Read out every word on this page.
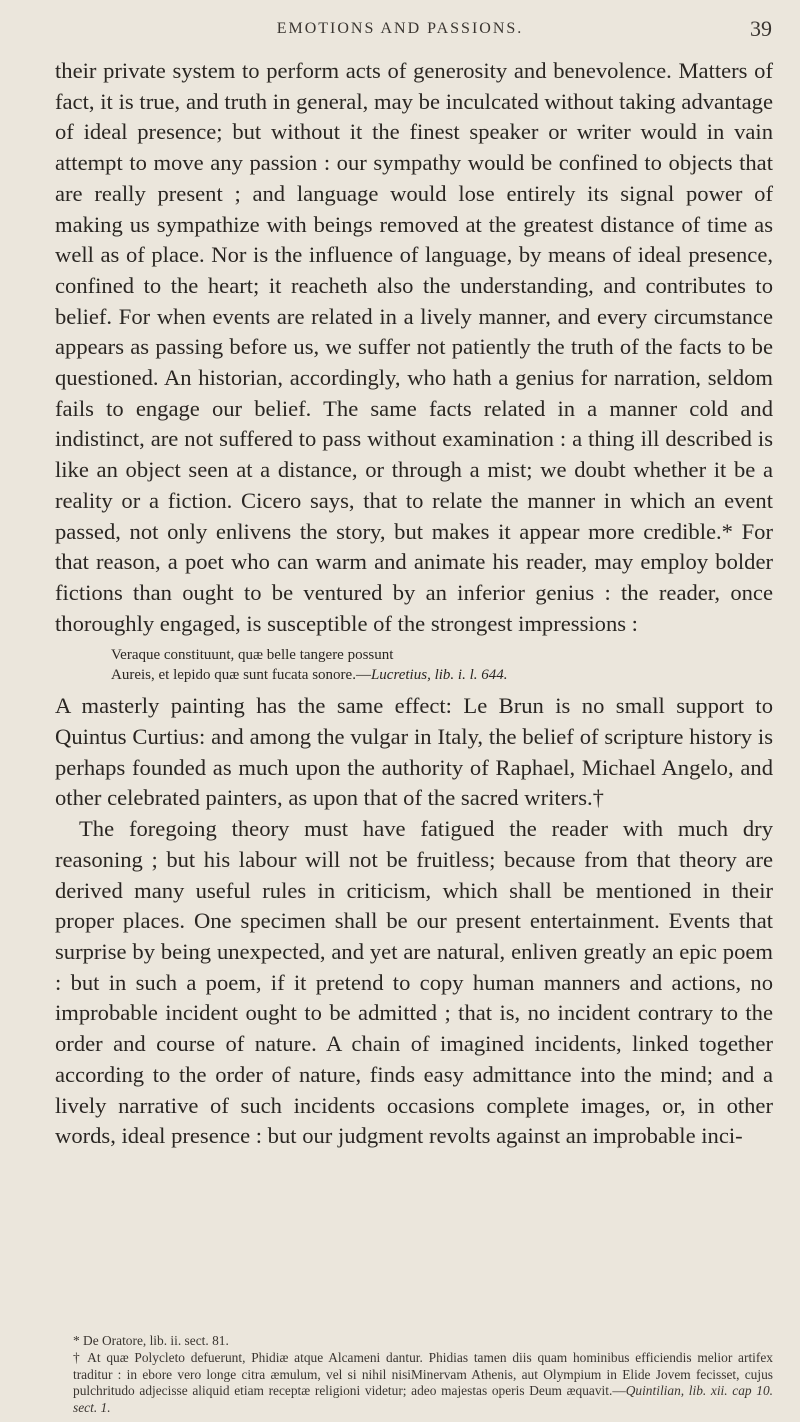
EMOTIONS AND PASSIONS.	39

their private system to perform acts of generosity and benevolence. Matters of fact, it is true, and truth in general, may be inculcated without taking advantage of ideal presence; but without it the finest speaker or writer would in vain attempt to move any passion : our sympathy would be confined to objects that are really present ; and language would lose entirely its signal power of making us sympathize with beings removed at the greatest distance of time as well as of place. Nor is the influence of language, by means of ideal presence, confined to the heart; it reacheth also the understanding, and contributes to belief. For when events are related in a lively manner, and every circumstance appears as passing before us, we suffer not patiently the truth of the facts to be questioned. An historian, accordingly, who hath a genius for narration, seldom fails to engage our belief. The same facts related in a manner cold and indistinct, are not suffered to pass without examination : a thing ill described is like an object seen at a distance, or through a mist; we doubt whether it be a reality or a fiction. Cicero says, that to relate the manner in which an event passed, not only enlivens the story, but makes it appear more credible.* For that reason, a poet who can warm and animate his reader, may employ bolder fictions than ought to be ventured by an inferior genius : the reader, once thoroughly engaged, is susceptible of the strongest impressions :

Veraque constituunt, quæ belle tangere possunt
Aureis, et lepido quæ sunt fucata sonore.—Lucretius, lib. i. l. 644.

A masterly painting has the same effect: Le Brun is no small support to Quintus Curtius: and among the vulgar in Italy, the belief of scripture history is perhaps founded as much upon the authority of Raphael, Michael Angelo, and other celebrated painters, as upon that of the sacred writers.†

The foregoing theory must have fatigued the reader with much dry reasoning ; but his labour will not be fruitless; because from that theory are derived many useful rules in criticism, which shall be mentioned in their proper places. One specimen shall be our present entertainment. Events that surprise by being unexpected, and yet are natural, enliven greatly an epic poem : but in such a poem, if it pretend to copy human manners and actions, no improbable incident ought to be admitted ; that is, no incident contrary to the order and course of nature. A chain of imagined incidents, linked together according to the order of nature, finds easy admittance into the mind; and a lively narrative of such incidents occasions complete images, or, in other words, ideal presence : but our judgment revolts against an improbable inci-

* De Oratore, lib. ii. sect. 81.

† At quæ Polycleto defuerunt, Phidiæ atque Alcameni dantur. Phidias tamen diis quam hominibus efficiendis melior artifex traditur : in ebore vero longe citra æmulum, vel si nihil nisiMinervam Athenis, aut Olympium in Elide Jovem fecisset, cujus pulchritudo adjecisse aliquid etiam receptæ religioni videtur; adeo majestas operis Deum æquavit.—Quintilian, lib. xii. cap 10. sect. 1.
